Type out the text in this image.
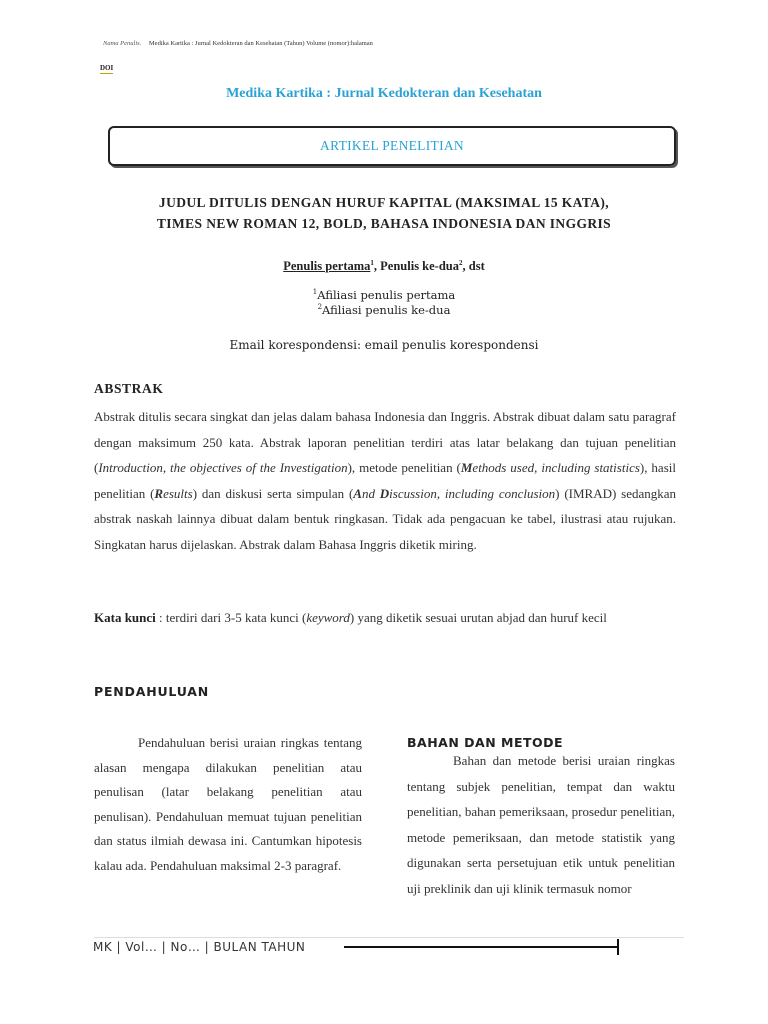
Nama Penulis. Medika Kartika : Jurnal Kedokteran dan Kesehatan (Tahun) Volume (nomor):halaman
DOI
Medika Kartika : Jurnal Kedokteran dan Kesehatan
ARTIKEL PENELITIAN
JUDUL DITULIS DENGAN HURUF KAPITAL (MAKSIMAL 15 KATA),
TIMES NEW ROMAN 12, BOLD, BAHASA INDONESIA DAN INGGRIS
Penulis pertama$^1$, Penulis ke-dua$^2$, dst
$^1$Afiliasi penulis pertama
$^2$Afiliasi penulis ke-dua
Email korespondensi: email penulis korespondensi
ABSTRAK
Abstrak ditulis secara singkat dan jelas dalam bahasa Indonesia dan Inggris. Abstrak dibuat dalam satu paragraf dengan maksimum 250 kata. Abstrak laporan penelitian terdiri atas latar belakang dan tujuan penelitian (Introduction, the objectives of the Investigation), metode penelitian (Methods used, including statistics), hasil penelitian (Results) dan diskusi serta simpulan (And Discussion, including conclusion) (IMRAD) sedangkan abstrak naskah lainnya dibuat dalam bentuk ringkasan. Tidak ada pengacuan ke tabel, ilustrasi atau rujukan. Singkatan harus dijelaskan. Abstrak dalam Bahasa Inggris diketik miring.
Kata kunci : terdiri dari 3-5 kata kunci (keyword) yang diketik sesuai urutan abjad dan huruf kecil
PENDAHULUAN
Pendahuluan berisi uraian ringkas tentang alasan mengapa dilakukan penelitian atau penulisan (latar belakang penelitian atau penulisan). Pendahuluan memuat tujuan penelitian dan status ilmiah dewasa ini. Cantumkan hipotesis kalau ada. Pendahuluan maksimal 2-3 paragraf.
BAHAN DAN METODE
Bahan dan metode berisi uraian ringkas tentang subjek penelitian, tempat dan waktu penelitian, bahan pemeriksaan, prosedur penelitian, metode pemeriksaan, dan metode statistik yang digunakan serta persetujuan etik untuk penelitian uji preklinik dan uji klinik termasuk nomor
MK | Vol… | No… | BULAN TAHUN
